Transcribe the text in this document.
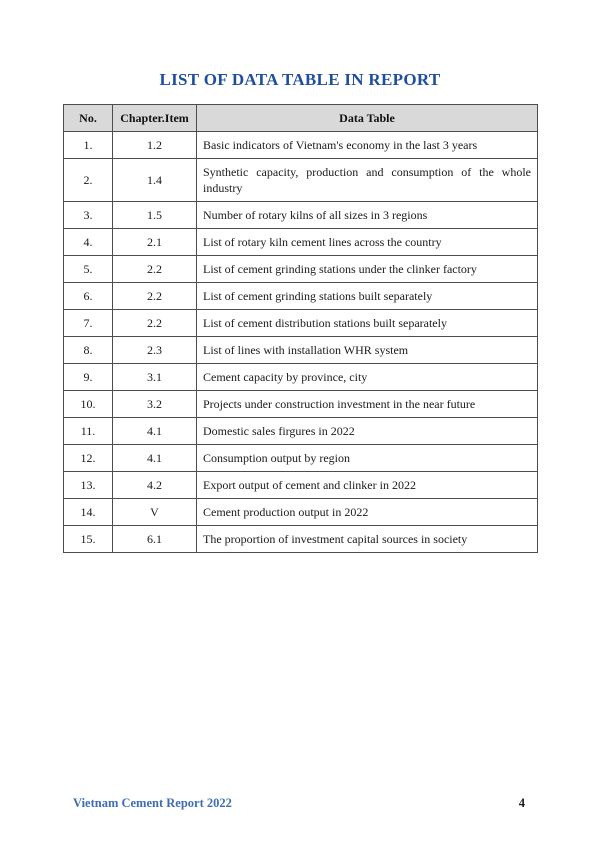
LIST OF DATA TABLE IN REPORT
No.	Chapter.Item	Data Table
1.	1.2	Basic indicators of Vietnam's economy in the last 3 years
2.	1.4	Synthetic capacity, production and consumption of the whole industry
3.	1.5	Number of rotary kilns of all sizes in 3 regions
4.	2.1	List of rotary kiln cement lines across the country
5.	2.2	List of cement grinding stations under the clinker factory
6.	2.2	List of cement grinding stations built separately
7.	2.2	List of cement distribution stations built separately
8.	2.3	List of lines with installation WHR system
9.	3.1	Cement capacity by province, city
10.	3.2	Projects under construction investment in the near future
11.	4.1	Domestic sales firgures in 2022
12.	4.1	Consumption output by region
13.	4.2	Export output of cement and clinker in 2022
14.	V	Cement production output in 2022
15.	6.1	The proportion of investment capital sources in society
Vietnam Cement Report 2022	4
